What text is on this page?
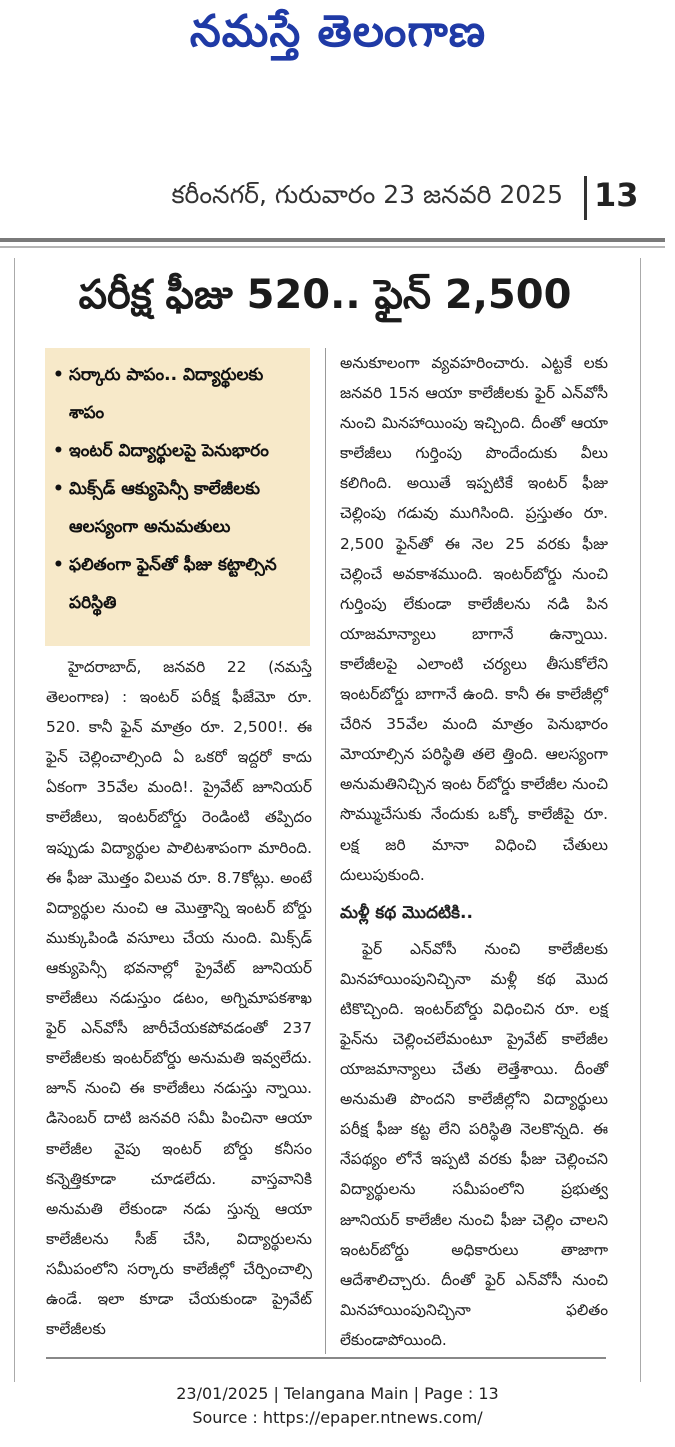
నమస్తే తెలంగాణ
కరీంనగర్, గురువారం 23 జనవరి 2025 13
పరీక్ష ఫీజు 520.. ఫైన్ 2,500
• సర్కారు పాపం.. విద్యార్థులకు శాపం
• ఇంటర్ విద్యార్థులపై పెనుభారం
• మిక్స్‌డ్ ఆక్యుపెన్సీ కాలేజీలకు ఆలస్యంగా అనుమతులు
• ఫలితంగా ఫైన్‌తో ఫీజు కట్టాల్సిన పరిస్థితి

హైదరాబాద్, జనవరి 22 (నమస్తే తెలంగాణ) : ఇంటర్ పరీక్ష ఫీజేమో రూ. 520. కానీ ఫైన్ మాత్రం రూ. 2,500!. ఈ ఫైన్ చెల్లించాల్సింది ఏ ఒకరో ఇద్దరో కాదు ఏకంగా 35వేల మంది!. ప్రైవేట్ జూనియర్ కాలేజీలు, ఇంటర్‌బోర్డు రెండింటి తప్పిదం ఇప్పుడు విద్యార్థుల పాలిటశాపంగా మారింది. ఈ ఫీజు మొత్తం విలువ రూ. 8.7కోట్లు. అంటే విద్యార్థుల నుంచి ఆ మొత్తాన్ని ఇంటర్ బోర్డు ముక్కుపిండి వసూలు చేయ నుంది. మిక్స్‌డ్ ఆక్యుపెన్సీ భవనాల్లో ప్రైవేట్ జూనియర్ కాలేజీలు నడుస్తుం డటం, అగ్నిమాపకశాఖ ఫైర్ ఎన్‌వోసీ జారీచేయకపోవడంతో 237 కాలేజీలకు ఇంటర్‌బోర్డు అనుమతి ఇవ్వలేదు. జూన్ నుంచి ఈ కాలేజీలు నడుస్తు న్నాయి. డిసెంబర్ దాటి జనవరి సమీ పించినా ఆయా కాలేజీల వైపు ఇంటర్ బోర్డు కనీసం కన్నెత్తికూడా చూడలేదు. వాస్తవానికి అనుమతి లేకుండా నడు స్తున్న ఆయా కాలేజీలను సీజ్ చేసి, విద్యార్థులను సమీపంలోని సర్కారు కాలేజీల్లో చేర్పించాల్సి ఉండే. ఇలా కూడా చేయకుండా ప్రైవేట్ కాలేజీలకు

అనుకూలంగా వ్యవహరించారు. ఎట్టకే లకు జనవరి 15న ఆయా కాలేజీలకు ఫైర్ ఎన్‌వోసీ నుంచి మినహాయింపు ఇచ్చింది. దీంతో ఆయా కాలేజీలు గుర్తింపు పొందేందుకు వీలు కలిగింది. అయితే ఇప్పటికే ఇంటర్ ఫీజు చెల్లింపు గడువు ముగిసింది. ప్రస్తుతం రూ. 2,500 ఫైన్‌తో ఈ నెల 25 వరకు ఫీజు చెల్లించే అవకాశముంది. ఇంటర్‌బోర్డు నుంచి గుర్తింపు లేకుండా కాలేజీలను నడి పిన యాజమాన్యాలు బాగానే ఉన్నాయి. కాలేజీలపై ఎలాంటి చర్యలు తీసుకోలేని ఇంటర్‌బోర్డు బాగానే ఉంది. కానీ ఈ కాలేజీల్లో చేరిన 35వేల మంది మాత్రం పెనుభారం మోయాల్సిన పరిస్థితి తలె త్తింది. ఆలస్యంగా అనుమతినిచ్చిన ఇంట ర్‌బోర్డు కాలేజీల నుంచి సొమ్ముచేసుకు నేందుకు ఒక్కో కాలేజీపై రూ. లక్ష జరి మానా విధించి చేతులు దులుపుకుంది.

మళ్లీ కథ మొదటికి..

ఫైర్ ఎన్‌వోసీ నుంచి కాలేజీలకు మినహాయింపునిచ్చినా మళ్లీ కథ మొద టికొచ్చింది. ఇంటర్‌బోర్డు విధించిన రూ. లక్ష ఫైన్‌ను చెల్లించలేమంటూ ప్రైవేట్ కాలేజీల యాజమాన్యాలు చేతు లెత్తేశాయి. దీంతో అనుమతి పొందని కాలేజీల్లోని విద్యార్థులు పరీక్ష ఫీజు కట్ట లేని పరిస్థితి నెలకొన్నది. ఈ నేపథ్యం లోనే ఇప్పటి వరకు ఫీజు చెల్లించని విద్యార్థులను సమీపంలోని ప్రభుత్వ జూనియర్ కాలేజీల నుంచి ఫీజు చెల్లిం చాలని ఇంటర్‌బోర్డు అధికారులు తాజాగా ఆదేశాలిచ్చారు. దీంతో ఫైర్ ఎన్‌వోసీ నుంచి మినహాయింపునిచ్చినా ఫలితం లేకుండాపోయింది.

23/01/2025 | Telangana Main | Page : 13
Source : https://epaper.ntnews.com/
